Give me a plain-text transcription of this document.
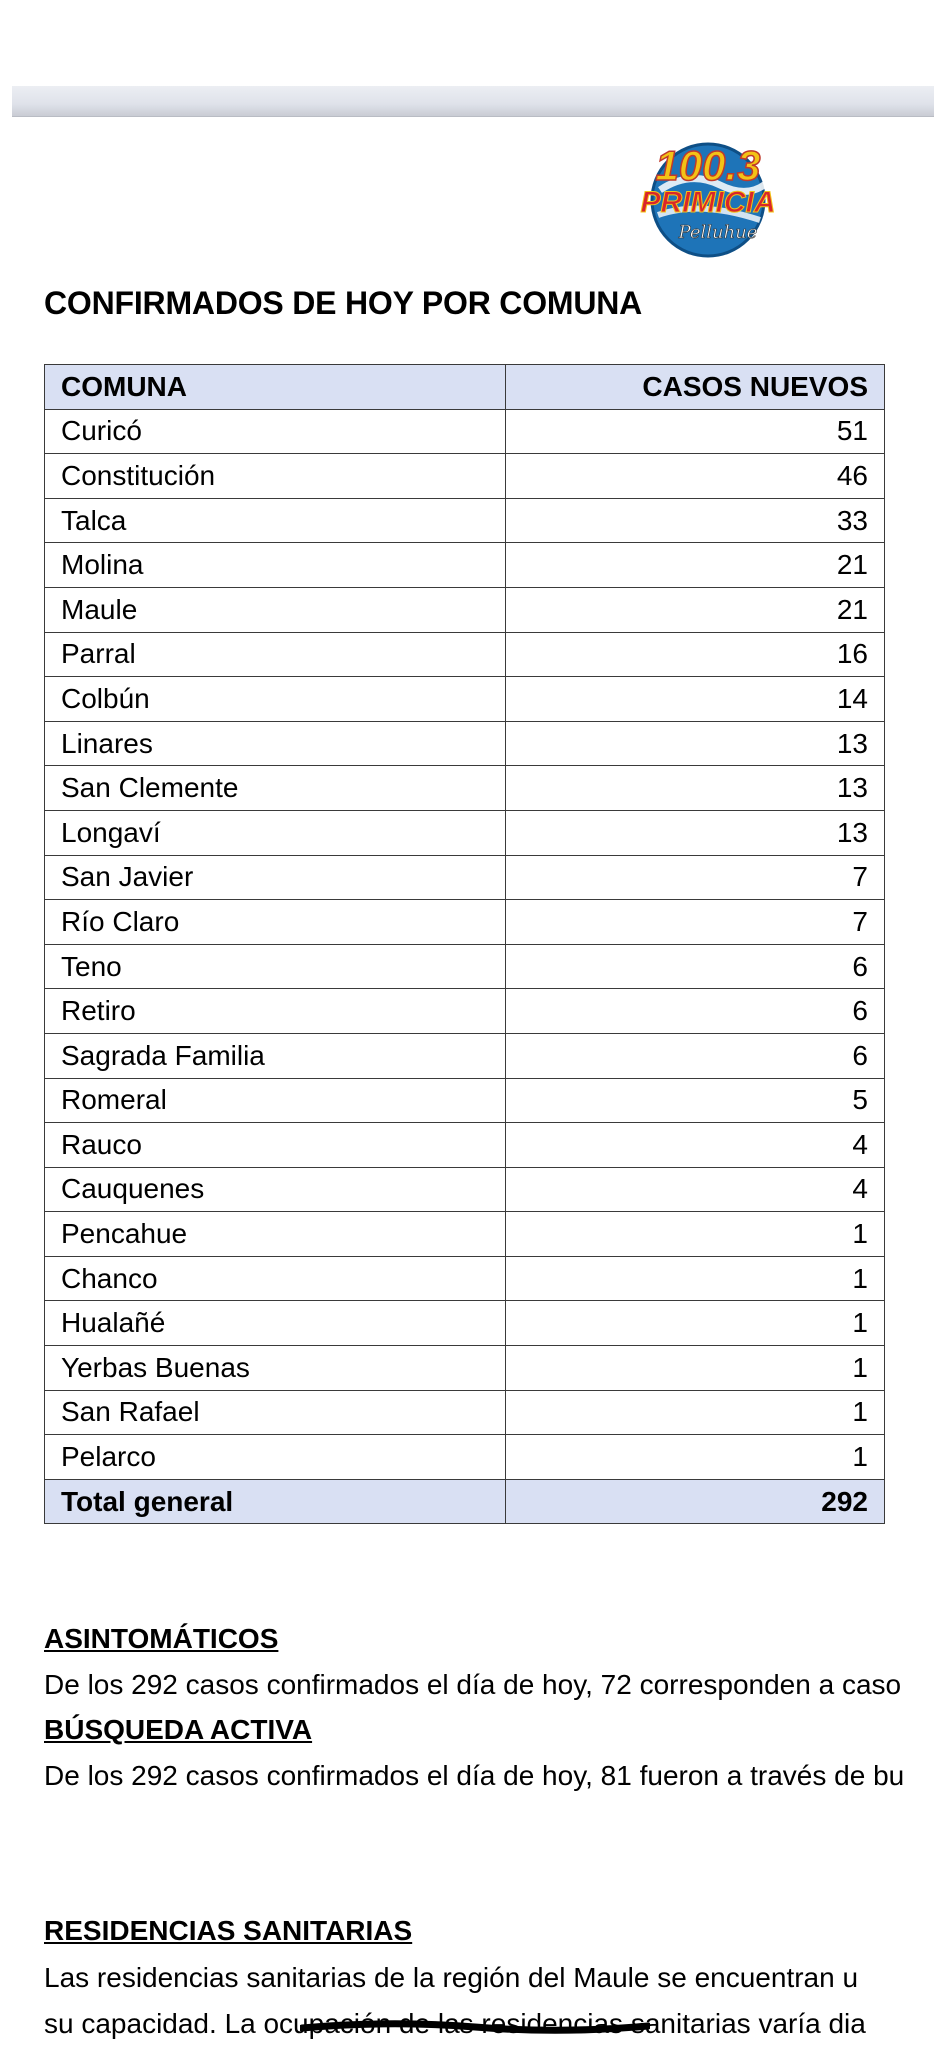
100.3
PRIMICIA
Pelluhue
CONFIRMADOS DE HOY POR COMUNA
COMUNA	CASOS NUEVOS
Curicó	51
Constitución	46
Talca	33
Molina	21
Maule	21
Parral	16
Colbún	14
Linares	13
San Clemente	13
Longaví	13
San Javier	7
Río Claro	7
Teno	6
Retiro	6
Sagrada Familia	6
Romeral	5
Rauco	4
Cauquenes	4
Pencahue	1
Chanco	1
Hualañé	1
Yerbas Buenas	1
San Rafael	1
Pelarco	1
Total general	292
ASINTOMÁTICOS
De los 292 casos confirmados el día de hoy, 72 corresponden a caso
BÚSQUEDA ACTIVA
De los 292 casos confirmados el día de hoy, 81 fueron a través de bu
RESIDENCIAS SANITARIAS
Las residencias sanitarias de la región del Maule se encuentran u
su capacidad. La ocupación de las residencias sanitarias varía dia
